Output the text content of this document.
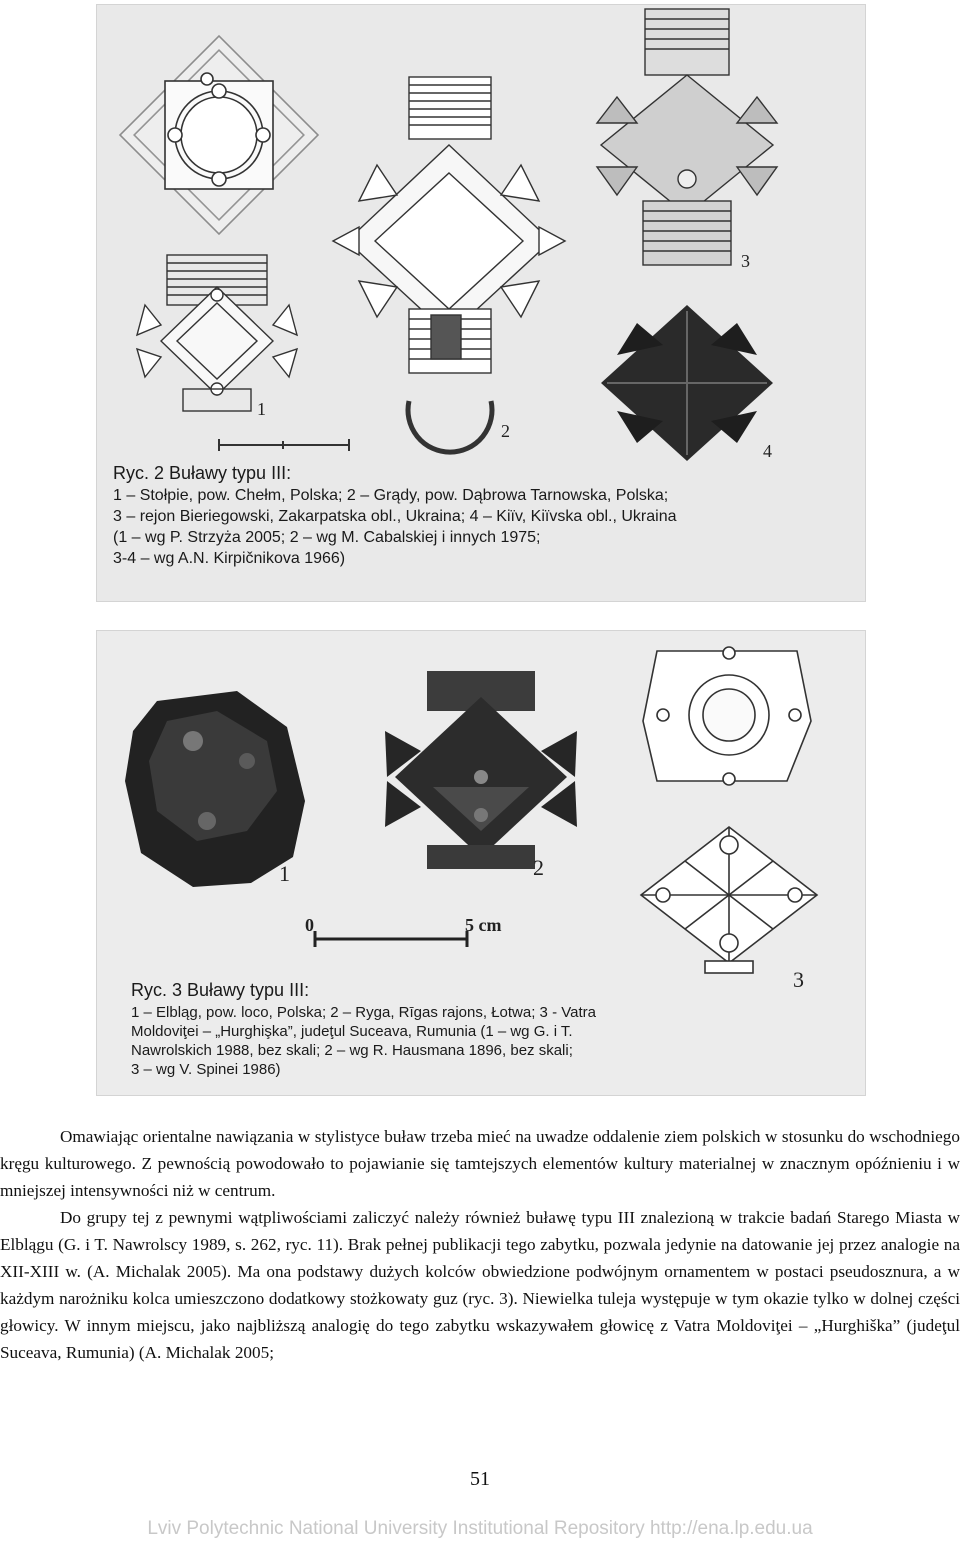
1
2
3
4
Ryc. 2 Buławy typu III:
1 – Stołpie, pow. Chełm, Polska; 2 – Grądy, pow. Dąbrowa Tarnowska, Polska;
3 – rejon Bieriegowski, Zakarpatska obl., Ukraina; 4 – Kiïv, Kiïvska obl., Ukraina
(1 – wg P. Strzyża 2005; 2 – wg M. Cabalskiej i innych 1975;
3-4 – wg A.N. Kirpičnikova 1966)
0	5 cm
1	2
3
Ryc. 3 Buławy typu III:
1 – Elbląg, pow. loco, Polska; 2 – Ryga, Rīgas rajons, Łotwa; 3 - Vatra
Moldoviţei – „Hurghişka”, judeţul Suceava, Rumunia (1 – wg G. i T.
Nawrolskich 1988, bez skali; 2 – wg R. Hausmana 1896, bez skali;
3 – wg V. Spinei 1986)

Omawiając orientalne nawiązania w stylistyce buław trzeba mieć na uwadze oddalenie ziem polskich w stosunku do wschodniego kręgu kulturowego. Z pewnością powodowało to pojawianie się tamtejszych elementów kultury materialnej w znacznym opóźnieniu i w mniejszej intensywności niż w centrum.

Do grupy tej z pewnymi wątpliwościami zaliczyć należy również buławę typu III znalezioną w trakcie badań Starego Miasta w Elblągu (G. i T. Nawrolscy 1989, s. 262, ryc. 11). Brak pełnej publikacji tego zabytku, pozwala jedynie na datowanie jej przez analogie na XII-XIII w. (A. Michalak 2005). Ma ona podstawy dużych kolców obwiedzione podwójnym ornamentem w postaci pseudosznura, a w każdym narożniku kolca umieszczono dodatkowy stożkowaty guz (ryc. 3). Niewielka tuleja występuje w tym okazie tylko w dolnej części głowicy. W innym miejscu, jako najbliższą analogię do tego zabytku wskazywałem głowicę z Vatra Moldoviţei – „Hurghiška” (judeţul Suceava, Rumunia) (A. Michalak 2005;

51
Lviv Polytechnic National University Institutional Repository http://ena.lp.edu.ua
